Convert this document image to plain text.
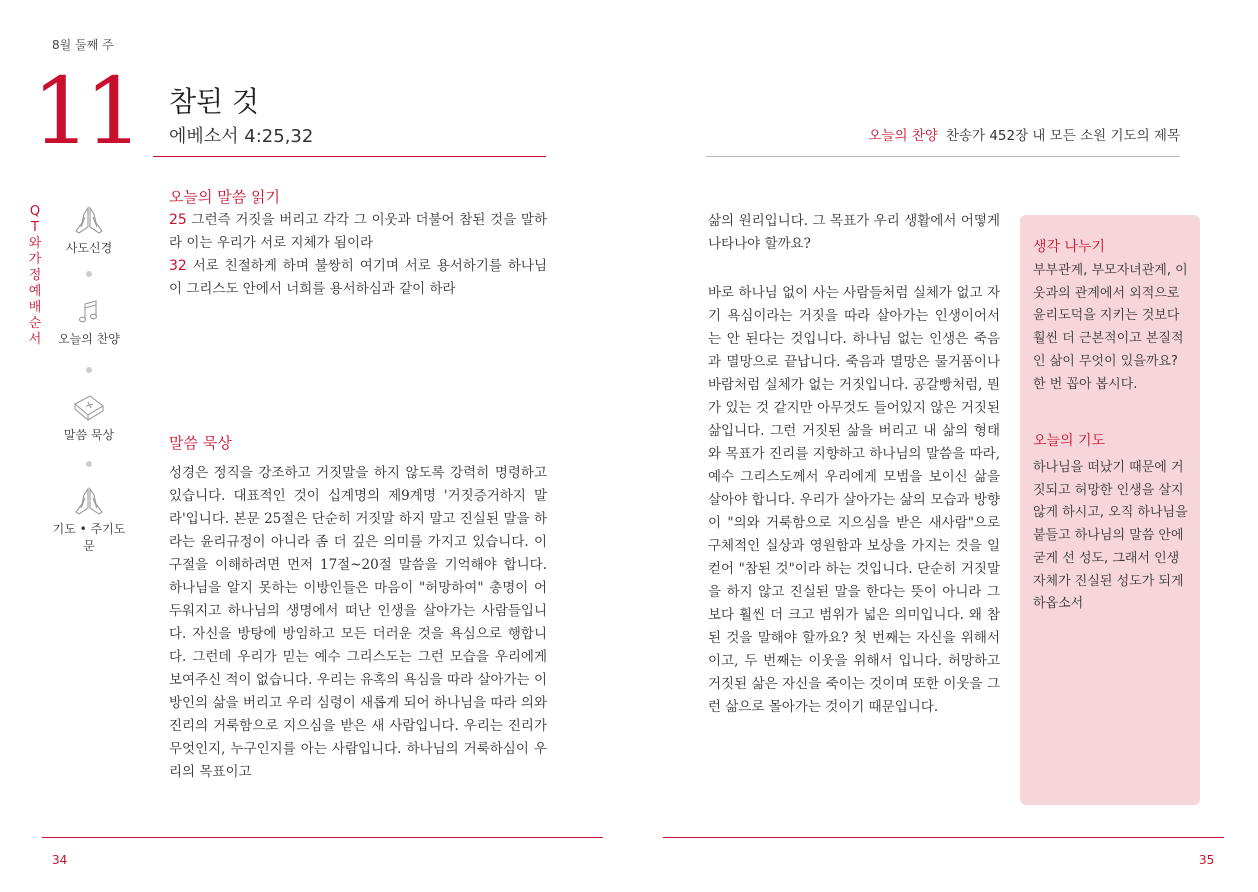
8월 둘째 주
11 참된 것
에베소서 4:25,32	오늘의 찬양 찬송가 452장 내 모든 소원 기도의 제목
QT와 가정예배 순서
사도신경
오늘의 찬양
말씀 묵상
기도 • 주기도문
오늘의 말씀 읽기
25 그런즉 거짓을 버리고 각각 그 이웃과 더불어 참된 것을 말하라 이는 우리가 서로 지체가 됨이라
32 서로 친절하게 하며 불쌍히 여기며 서로 용서하기를 하나님이 그리스도 안에서 너희를 용서하심과 같이 하라
말씀 묵상
성경은 정직을 강조하고 거짓말을 하지 않도록 강력히 명령하고 있습니다. 대표적인 것이 십계명의 제9계명 '거짓증거하지 말라'입니다. 본문 25절은 단순히 거짓말 하지 말고 진실된 말을 하라는 윤리규정이 아니라 좀 더 깊은 의미를 가지고 있습니다. 이 구절을 이해하려면 먼저 17절~20절 말씀을 기억해야 합니다. 하나님을 알지 못하는 이방인들은 마음이 "허망하여" 총명이 어두워지고 하나님의 생명에서 떠난 인생을 살아가는 사람들입니다. 자신을 방탕에 방임하고 모든 더러운 것을 욕심으로 행합니다. 그런데 우리가 믿는 예수 그리스도는 그런 모습을 우리에게 보여주신 적이 없습니다. 우리는 유혹의 욕심을 따라 살아가는 이방인의 삶을 버리고 우리 심령이 새롭게 되어 하나님을 따라 의와 진리의 거룩함으로 지으심을 받은 새 사람입니다. 우리는 진리가 무엇인지, 누구인지를 아는 사람입니다. 하나님의 거룩하심이 우리의 목표이고
삶의 원리입니다. 그 목표가 우리 생활에서 어떻게 나타나야 할까요?
바로 하나님 없이 사는 사람들처럼 실체가 없고 자기 욕심이라는 거짓을 따라 살아가는 인생이어서는 안 된다는 것입니다. 하나님 없는 인생은 죽음과 멸망으로 끝납니다. 죽음과 멸망은 물거품이나 바람처럼 실체가 없는 거짓입니다. 공갈빵처럼, 뭔가 있는 것 같지만 아무것도 들어있지 않은 거짓된 삶입니다. 그런 거짓된 삶을 버리고 내 삶의 형태와 목표가 진리를 지향하고 하나님의 말씀을 따라, 예수 그리스도께서 우리에게 모범을 보이신 삶을 살아야 합니다. 우리가 살아가는 삶의 모습과 방향이 "의와 거룩함으로 지으심을 받은 새사람"으로 구체적인 실상과 영원함과 보상을 가지는 것을 일컫어 "참된 것"이라 하는 것입니다. 단순히 거짓말을 하지 않고 진실된 말을 한다는 뜻이 아니라 그보다 훨씬 더 크고 범위가 넓은 의미입니다. 왜 참된 것을 말해야 할까요? 첫 번째는 자신을 위해서이고, 두 번째는 이웃을 위해서 입니다. 허망하고 거짓된 삶은 자신을 죽이는 것이며 또한 이웃을 그런 삶으로 몰아가는 것이기 때문입니다.
생각 나누기
부부관계, 부모자녀관계, 이웃과의 관계에서 외적으로 윤리도덕을 지키는 것보다 훨씬 더 근본적이고 본질적인 삶이 무엇이 있을까요? 한 번 꼽아 봅시다.
오늘의 기도
하나님을 떠났기 때문에 거짓되고 허망한 인생을 살지 않게 하시고, 오직 하나님을 붙들고 하나님의 말씀 안에 굳게 선 성도, 그래서 인생 자체가 진실된 성도가 되게 하옵소서
34	35
